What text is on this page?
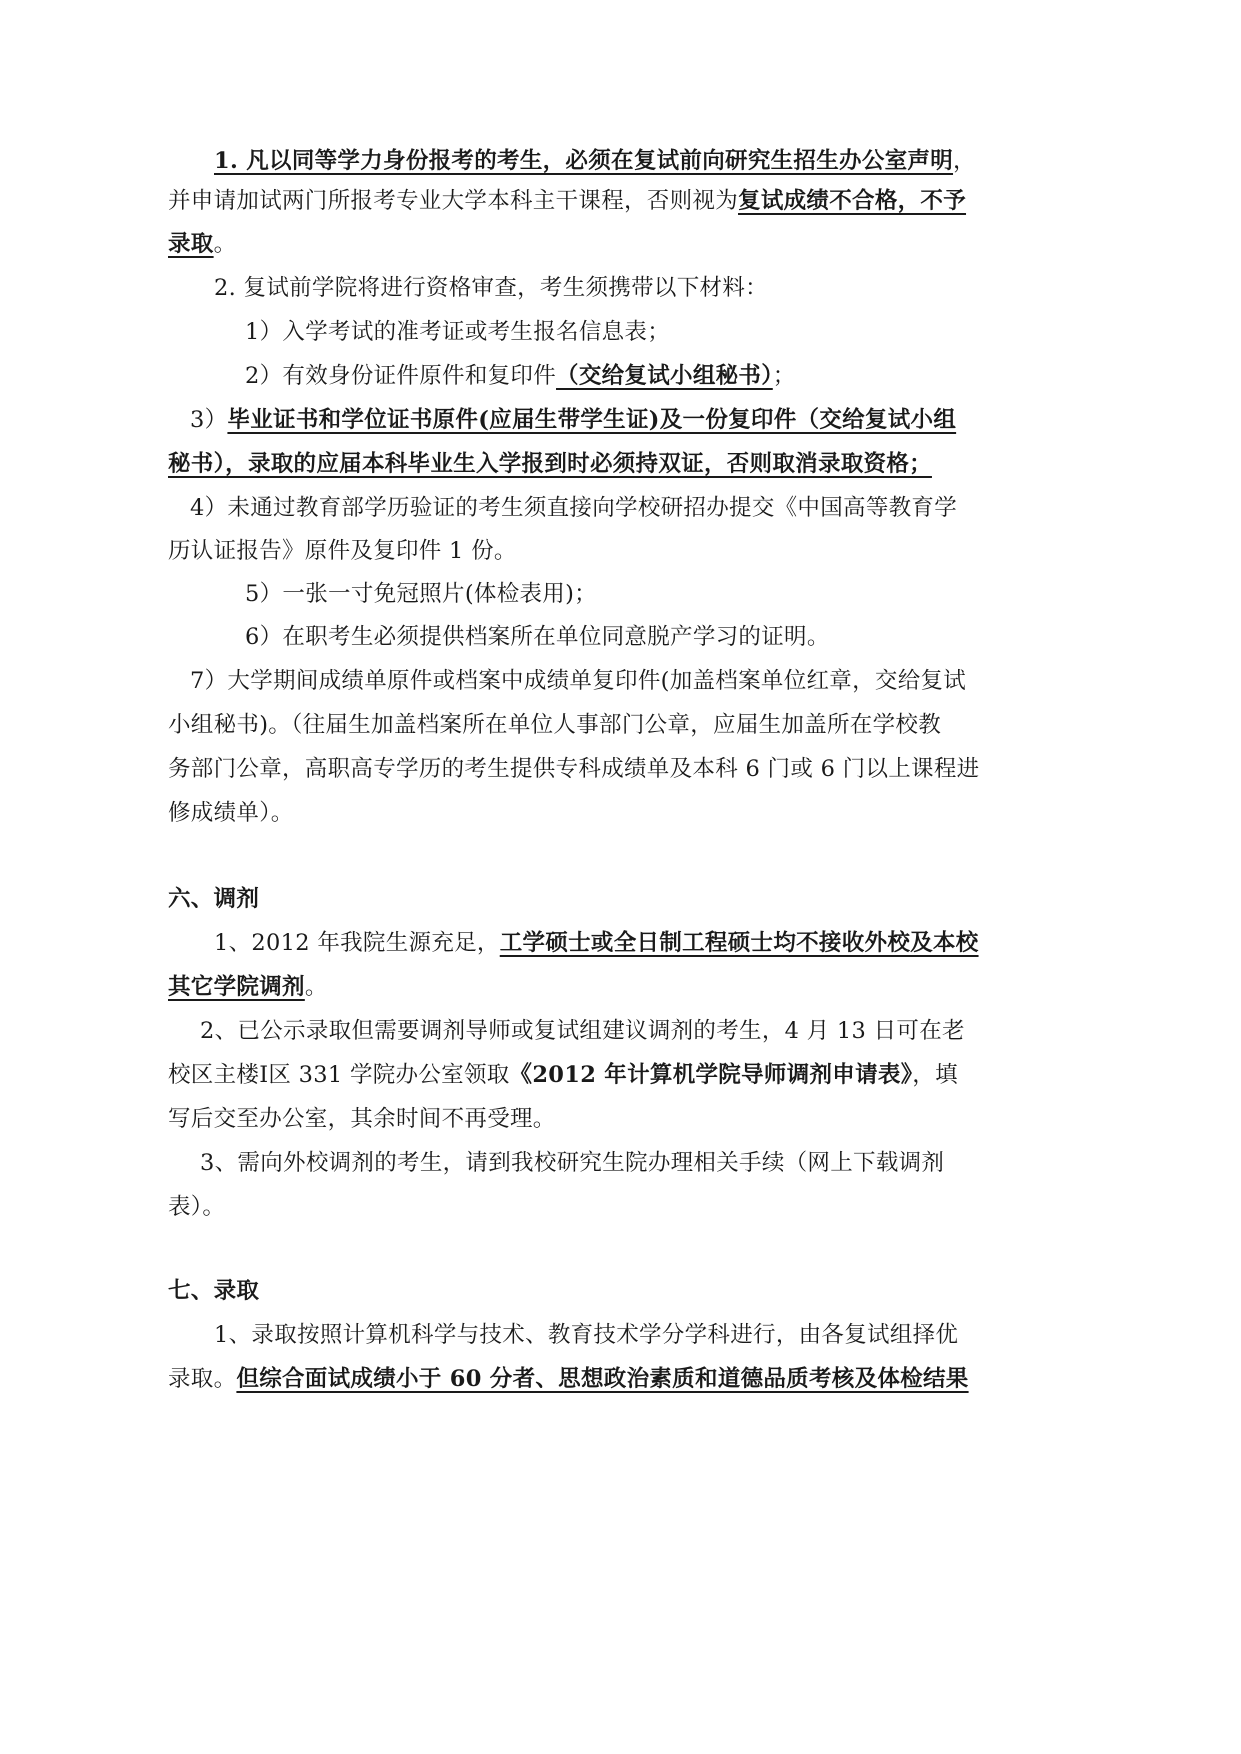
1. 凡以同等学力身份报考的考生，必须在复试前向研究生招生办公室声明，
并申请加试两门所报考专业大学本科主干课程，否则视为复试成绩不合格，不予
录取。
2. 复试前学院将进行资格审查，考生须携带以下材料：
1）入学考试的准考证或考生报名信息表；
2）有效身份证件原件和复印件（交给复试小组秘书）；
3）毕业证书和学位证书原件(应届生带学生证)及一份复印件（交给复试小组
秘书），录取的应届本科毕业生入学报到时必须持双证，否则取消录取资格；
4）未通过教育部学历验证的考生须直接向学校研招办提交《中国高等教育学
历认证报告》原件及复印件 1 份。
5）一张一寸免冠照片(体检表用)；
6）在职考生必须提供档案所在单位同意脱产学习的证明。
7）大学期间成绩单原件或档案中成绩单复印件(加盖档案单位红章，交给复试
小组秘书)。（往届生加盖档案所在单位人事部门公章，应届生加盖所在学校教
务部门公章，高职高专学历的考生提供专科成绩单及本科 6 门或 6 门以上课程进
修成绩单）。
六、调剂
1、2012 年我院生源充足，工学硕士或全日制工程硕士均不接收外校及本校
其它学院调剂。
2、已公示录取但需要调剂导师或复试组建议调剂的考生，4 月 13 日可在老
校区主楼Ⅰ区 331 学院办公室领取《2012 年计算机学院导师调剂申请表》，填
写后交至办公室，其余时间不再受理。
3、需向外校调剂的考生，请到我校研究生院办理相关手续（网上下载调剂
表）。
七、录取
1、录取按照计算机科学与技术、教育技术学分学科进行，由各复试组择优
录取。但综合面试成绩小于 60 分者、思想政治素质和道德品质考核及体检结果
